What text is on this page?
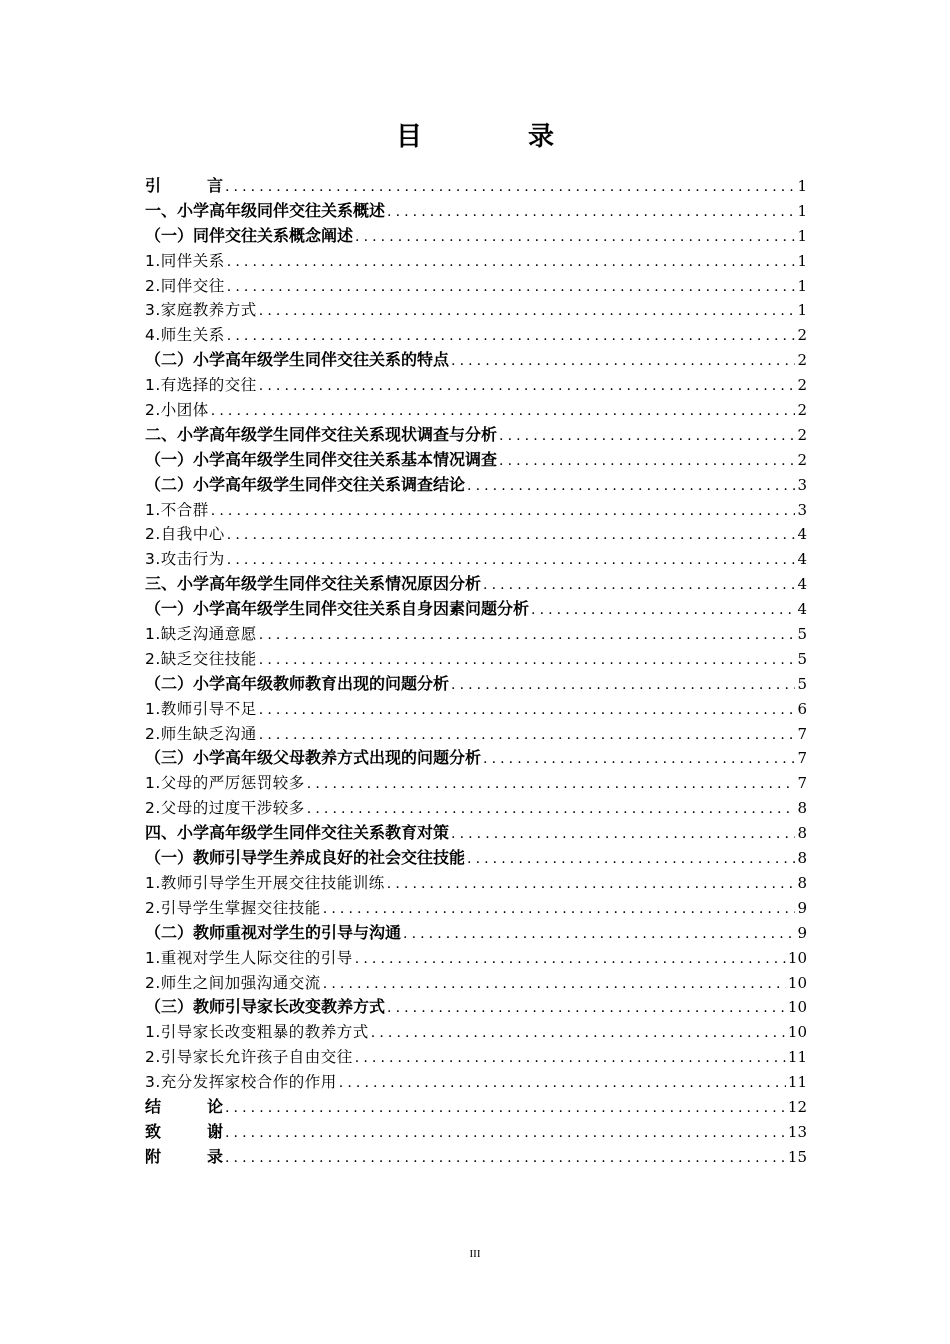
目　录
引　　言 .....	1
一、小学高年级同伴交往关系概述 .....	1
（一）同伴交往关系概念阐述 .....	1
1.同伴关系 .....	1
2.同伴交往 .....	1
3.家庭教养方式 .....	1
4.师生关系 .....	2
（二）小学高年级学生同伴交往关系的特点 .....	2
1.有选择的交往 .....	2
2.小团体 .....	2
二、小学高年级学生同伴交往关系现状调查与分析 .....	2
（一）小学高年级学生同伴交往关系基本情况调查 .....	2
（二）小学高年级学生同伴交往关系调查结论 .....	3
1.不合群 .....	3
2.自我中心 .....	4
3.攻击行为 .....	4
三、小学高年级学生同伴交往关系情况原因分析 .....	4
（一）小学高年级学生同伴交往关系自身因素问题分析 .....	4
1.缺乏沟通意愿 .....	5
2.缺乏交往技能 .....	5
（二）小学高年级教师教育出现的问题分析 .....	5
1.教师引导不足 .....	6
2.师生缺乏沟通 .....	7
（三）小学高年级父母教养方式出现的问题分析 .....	7
1.父母的严厉惩罚较多 .....	7
2.父母的过度干涉较多 .....	8
四、小学高年级学生同伴交往关系教育对策 .....	8
（一）教师引导学生养成良好的社会交往技能 .....	8
1.教师引导学生开展交往技能训练 .....	8
2.引导学生掌握交往技能 .....	9
（二）教师重视对学生的引导与沟通 .....	9
1.重视对学生人际交往的引导 .....	10
2.师生之间加强沟通交流 .....	10
（三）教师引导家长改变教养方式 .....	10
1.引导家长改变粗暴的教养方式 .....	10
2.引导家长允许孩子自由交往 .....	11
3.充分发挥家校合作的作用 .....	11
结　　论 .....	12
致　　谢 .....	13
附　　录 .....	15
III
